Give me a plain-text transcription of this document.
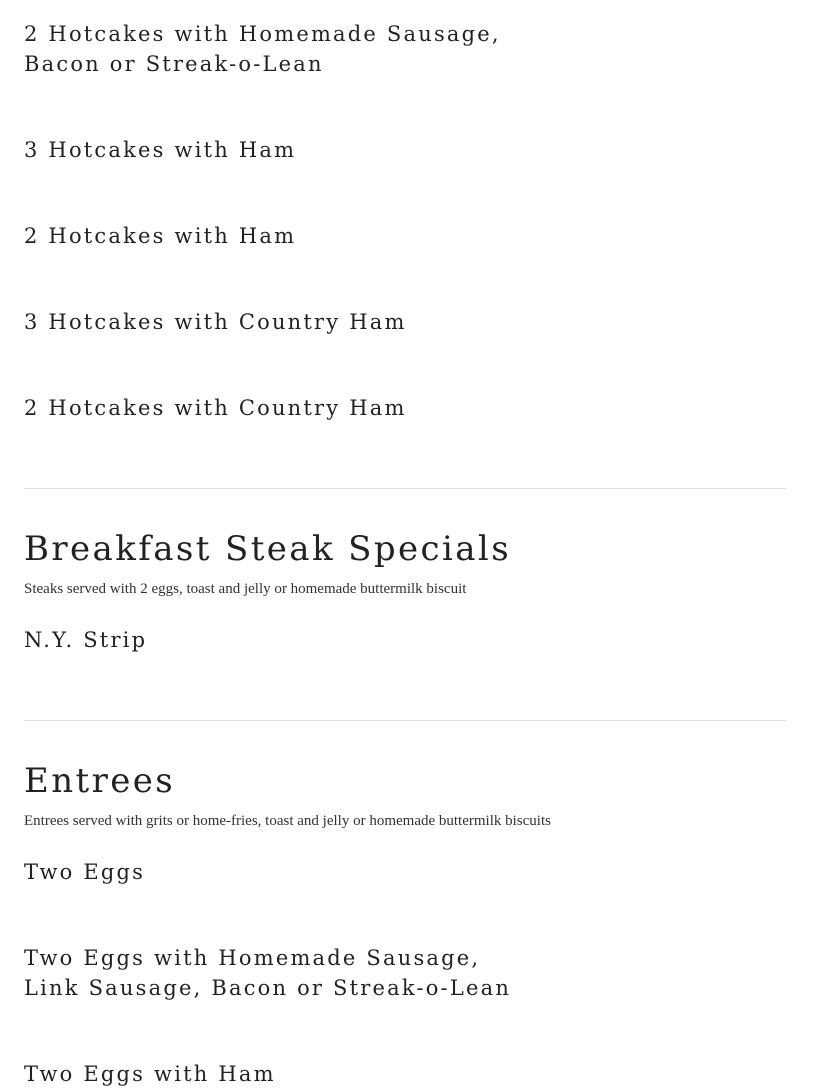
2 Hotcakes with Homemade Sausage,
Bacon or Streak-o-Lean
3 Hotcakes with Ham
2 Hotcakes with Ham
3 Hotcakes with Country Ham
2 Hotcakes with Country Ham
Breakfast Steak Specials

Steaks served with 2 eggs, toast and jelly or homemade buttermilk biscuit

N.Y. Strip
Entrees

Entrees served with grits or home-fries, toast and jelly or homemade buttermilk biscuits

Two Eggs
Two Eggs with Homemade Sausage,
Link Sausage, Bacon or Streak-o-Lean
Two Eggs with Ham
